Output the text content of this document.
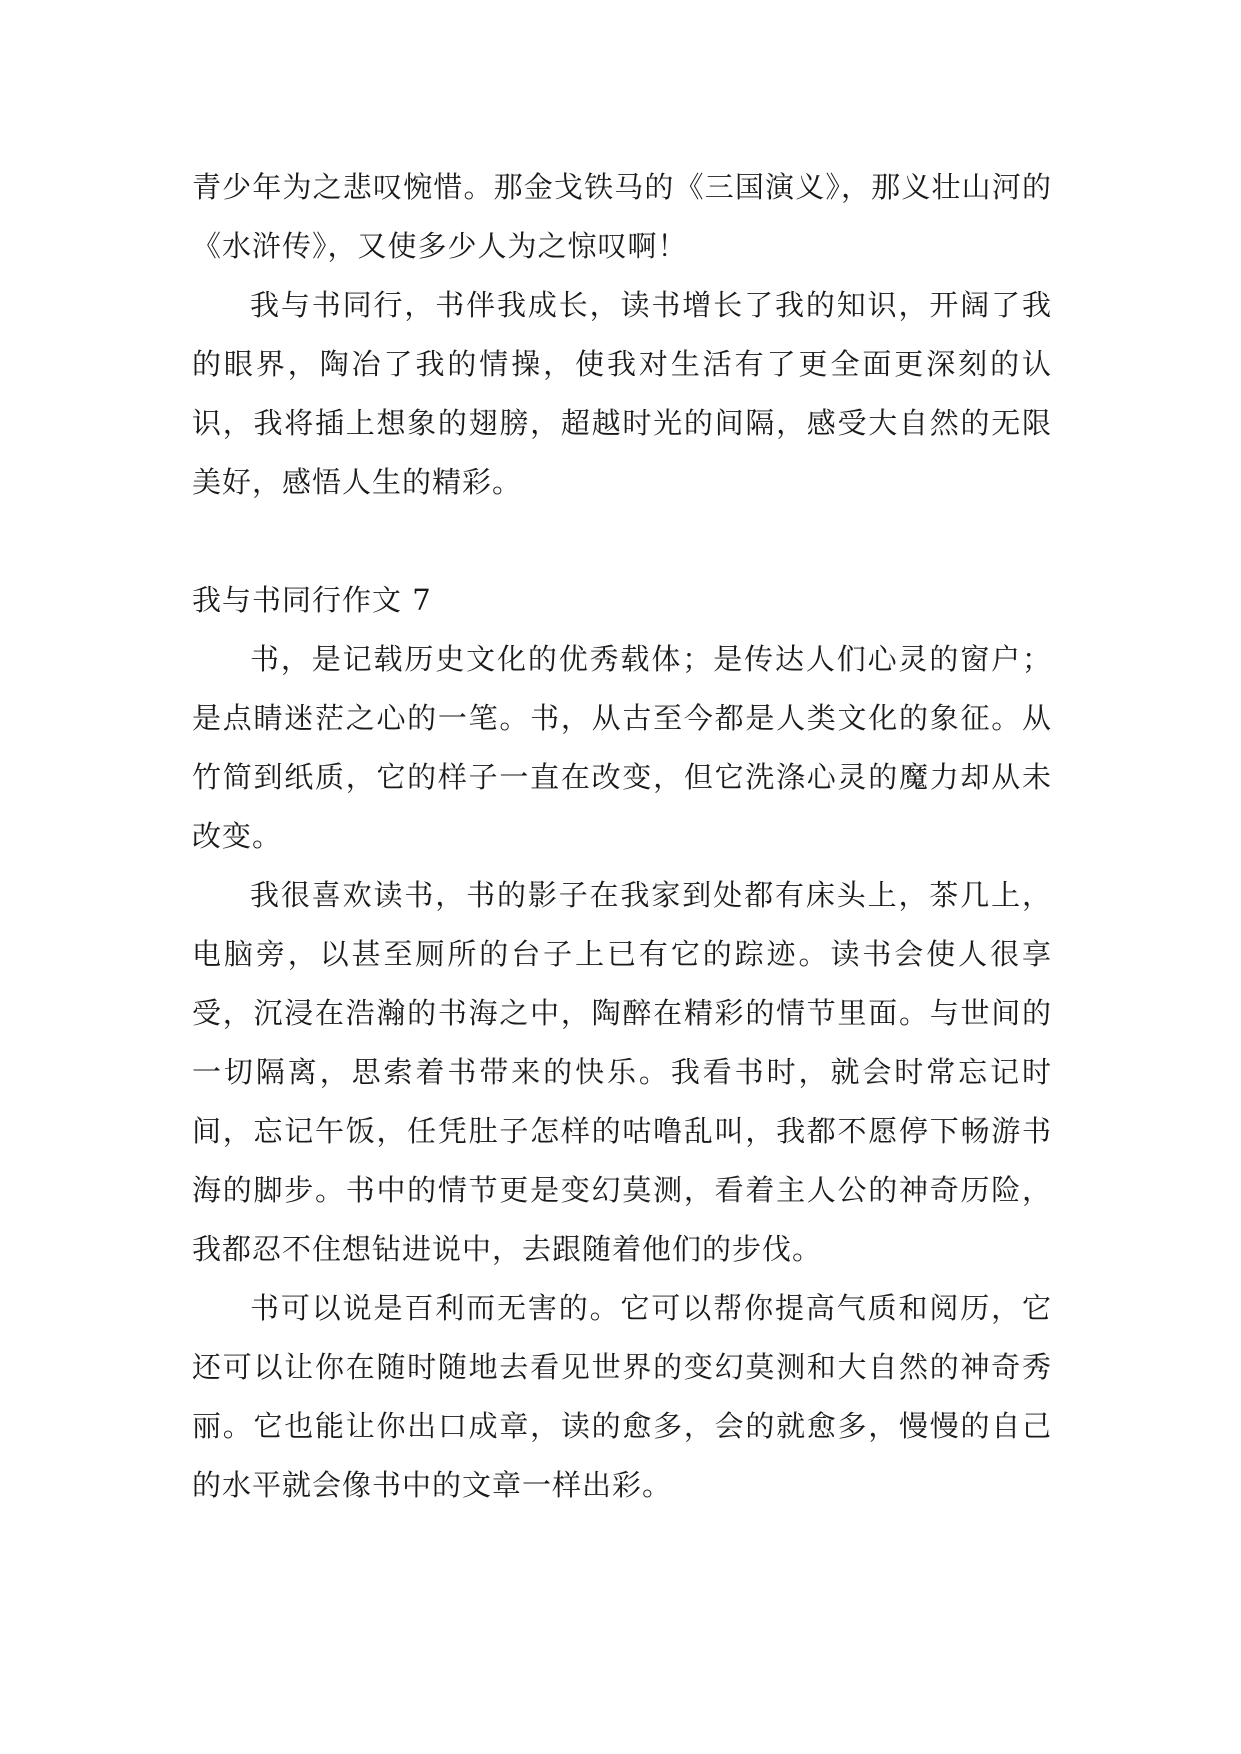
青少年为之悲叹惋惜。那金戈铁马的《三国演义》，那义壮山河的《水浒传》，又使多少人为之惊叹啊！

我与书同行，书伴我成长，读书增长了我的知识，开阔了我的眼界，陶冶了我的情操，使我对生活有了更全面更深刻的认识，我将插上想象的翅膀，超越时光的间隔，感受大自然的无限美好，感悟人生的精彩。

我与书同行作文 7

书，是记载历史文化的优秀载体；是传达人们心灵的窗户；是点睛迷茫之心的一笔。书，从古至今都是人类文化的象征。从竹简到纸质，它的样子一直在改变，但它洗涤心灵的魔力却从未改变。

我很喜欢读书，书的影子在我家到处都有床头上，茶几上，电脑旁，以甚至厕所的台子上已有它的踪迹。读书会使人很享受，沉浸在浩瀚的书海之中，陶醉在精彩的情节里面。与世间的一切隔离，思索着书带来的快乐。我看书时，就会时常忘记时间，忘记午饭，任凭肚子怎样的咕噜乱叫，我都不愿停下畅游书海的脚步。书中的情节更是变幻莫测，看着主人公的神奇历险，我都忍不住想钻进说中，去跟随着他们的步伐。

书可以说是百利而无害的。它可以帮你提高气质和阅历，它还可以让你在随时随地去看见世界的变幻莫测和大自然的神奇秀丽。它也能让你出口成章，读的愈多，会的就愈多，慢慢的自己的水平就会像书中的文章一样出彩。
